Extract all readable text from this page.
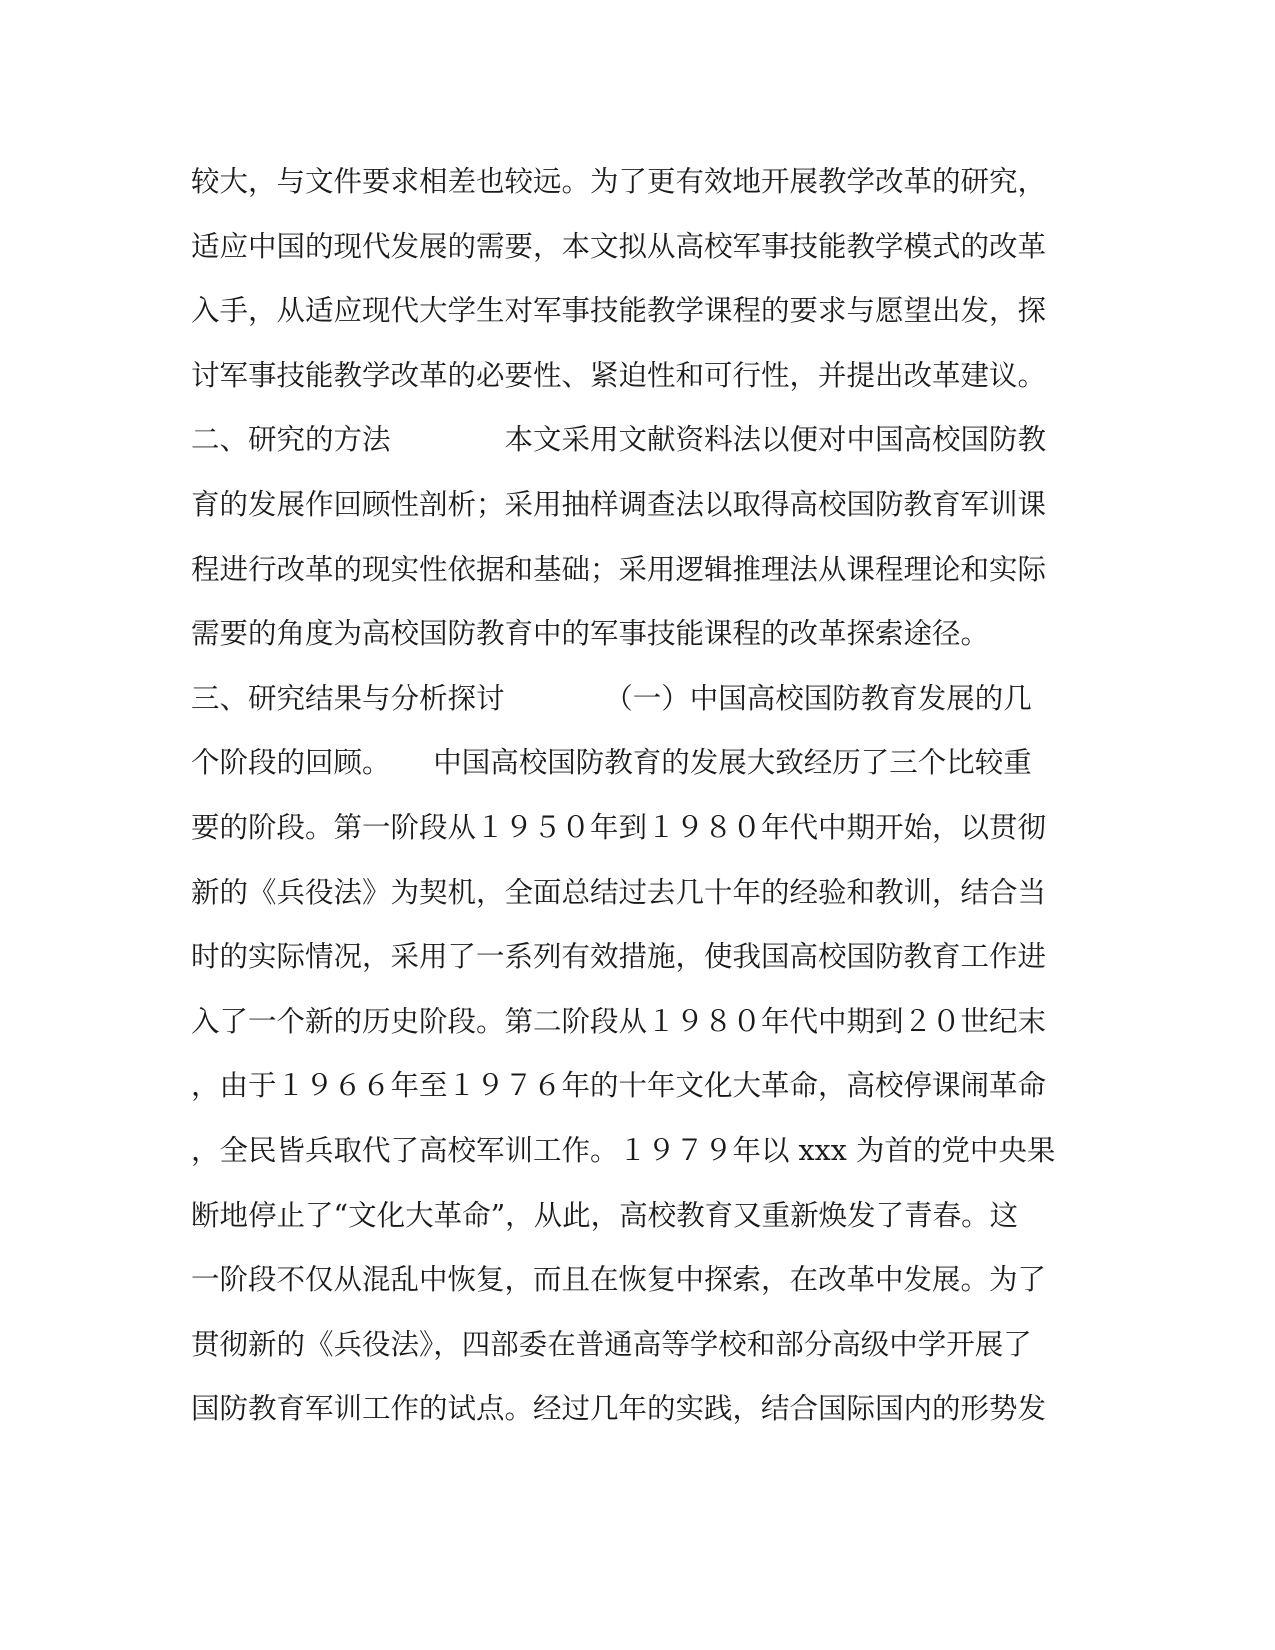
较大，与文件要求相差也较远。为了更有效地开展教学改革的研究，
适应中国的现代发展的需要，本文拟从高校军事技能教学模式的改革
入手，从适应现代大学生对军事技能教学课程的要求与愿望出发，探
讨军事技能教学改革的必要性、紧迫性和可行性，并提出改革建议。
二、研究的方法　　　　本文采用文献资料法以便对中国高校国防教
育的发展作回顾性剖析；采用抽样调查法以取得高校国防教育军训课
程进行改革的现实性依据和基础；采用逻辑推理法从课程理论和实际
需要的角度为高校国防教育中的军事技能课程的改革探索途径。
三、研究结果与分析探讨　　　　（一）中国高校国防教育发展的几
个阶段的回顾。　　中国高校国防教育的发展大致经历了三个比较重
要的阶段。第一阶段从１９５０年到１９８０年代中期开始，以贯彻
新的《兵役法》为契机，全面总结过去几十年的经验和教训，结合当
时的实际情况，采用了一系列有效措施，使我国高校国防教育工作进
入了一个新的历史阶段。第二阶段从１９８０年代中期到２０世纪末
，由于１９６６年至１９７６年的十年文化大革命，高校停课闹革命
，全民皆兵取代了高校军训工作。１９７９年以 xxx 为首的党中央果
断地停止了“文化大革命”，从此，高校教育又重新焕发了青春。这
一阶段不仅从混乱中恢复，而且在恢复中探索，在改革中发展。为了
贯彻新的《兵役法》，四部委在普通高等学校和部分高级中学开展了
国防教育军训工作的试点。经过几年的实践，结合国际国内的形势发
